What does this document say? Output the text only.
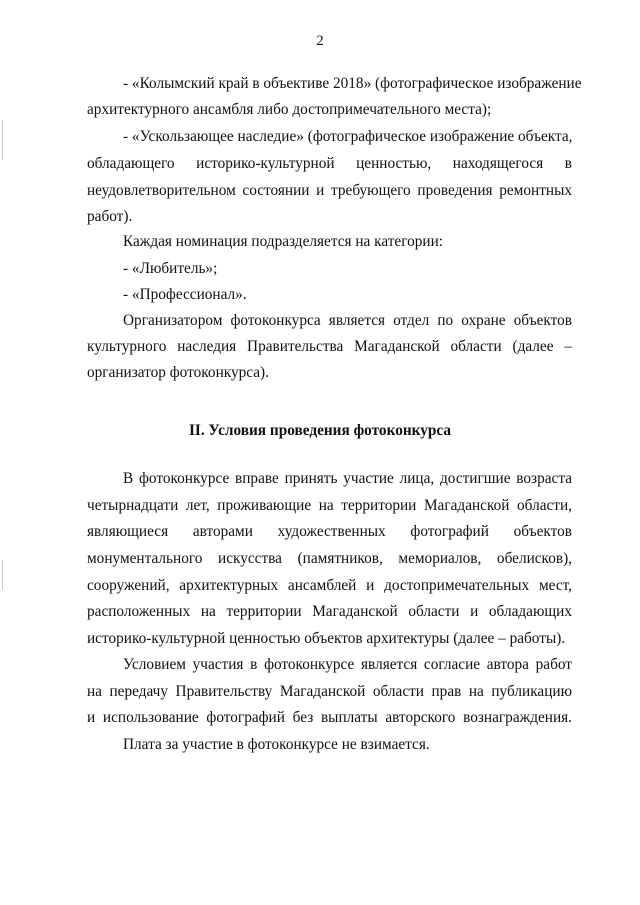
2
- «Колымский край в объективе 2018» (фотографическое изображение
архитектурного ансамбля либо достопримечательного места);
- «Ускользающее наследие» (фотографическое изображение объекта,
обладающего историко-культурной ценностью, находящегося в
неудовлетворительном состоянии и требующего проведения ремонтных
работ).
Каждая номинация подразделяется на категории:
- «Любитель»;
- «Профессионал».
Организатором фотоконкурса является отдел по охране объектов
культурного наследия Правительства Магаданской области (далее –
организатор фотоконкурса).
II. Условия проведения фотоконкурса
В фотоконкурсе вправе принять участие лица, достигшие возраста
четырнадцати лет, проживающие на территории Магаданской области,
являющиеся авторами художественных фотографий объектов
монументального искусства (памятников, мемориалов, обелисков),
сооружений, архитектурных ансамблей и достопримечательных мест,
расположенных на территории Магаданской области и обладающих
историко-культурной ценностью объектов архитектуры (далее – работы).
Условием участия в фотоконкурсе является согласие автора работ
на передачу Правительству Магаданской области прав на публикацию
и использование фотографий без выплаты авторского вознаграждения.
Плата за участие в фотоконкурсе не взимается.
